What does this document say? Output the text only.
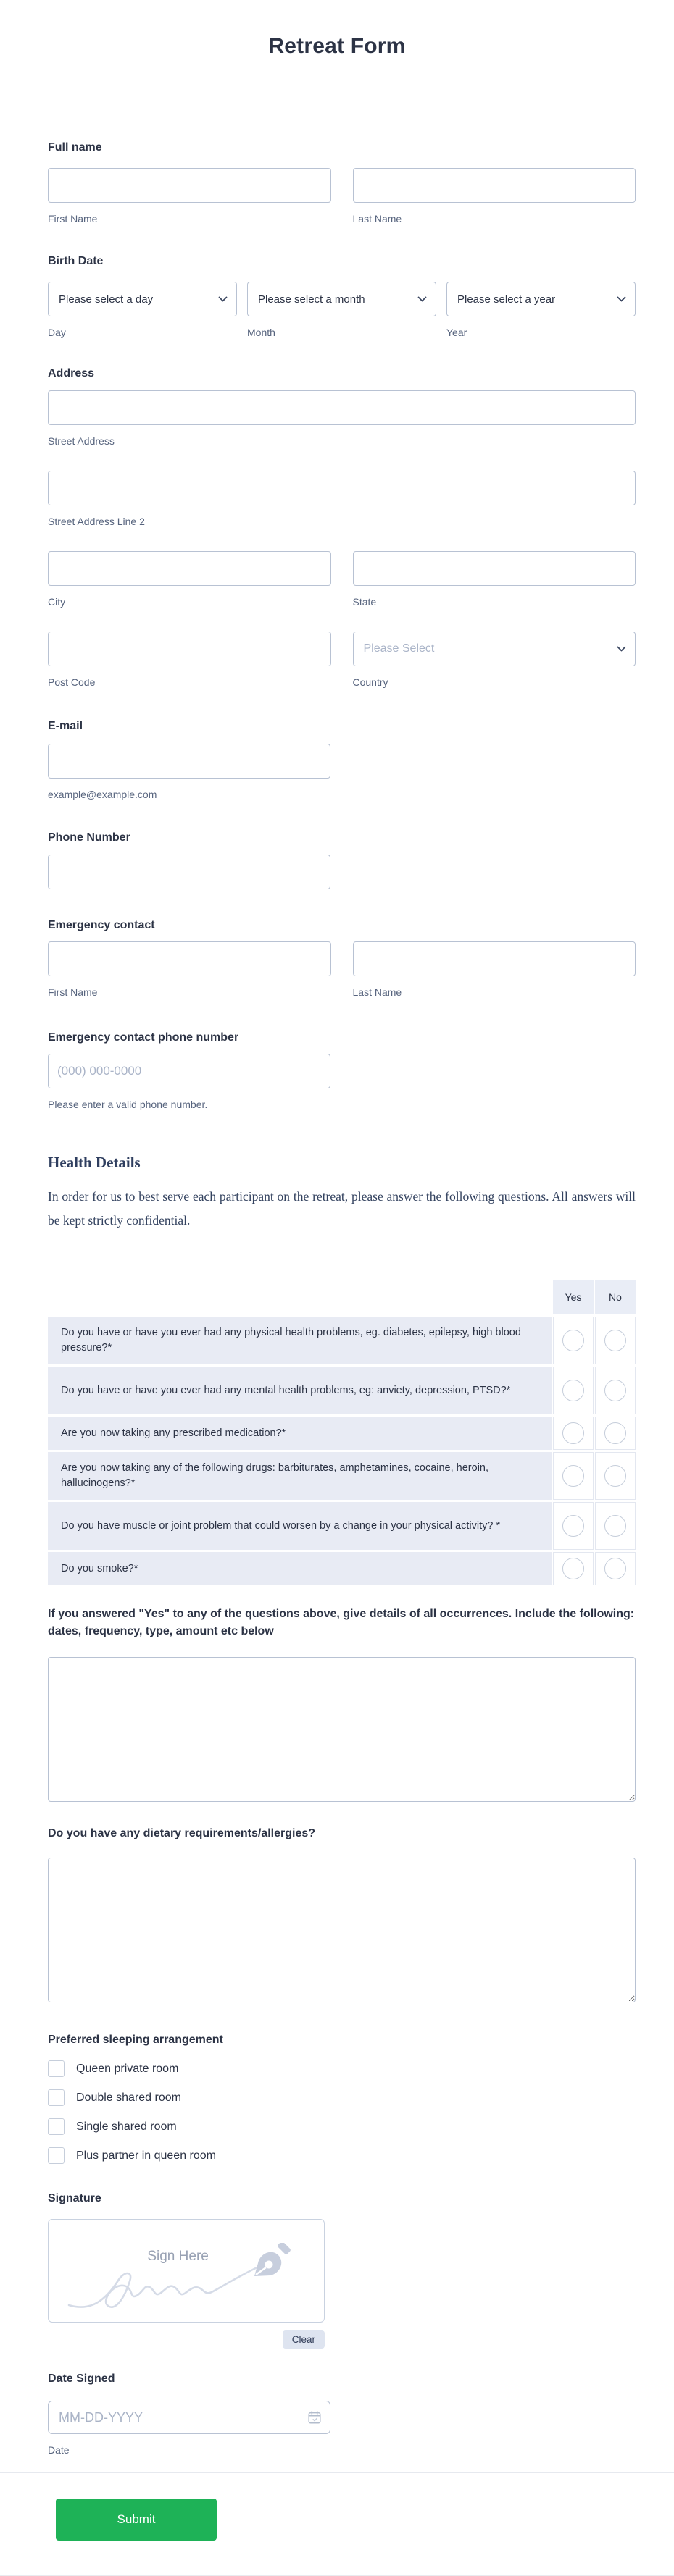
Retreat Form
Full name
First Name	Last Name
Birth Date
Please select a day	Please select a month	Please select a year
Day	Month	Year
Address
Street Address
Street Address Line 2
City	State
Please Select
Post Code	Country
E-mail
example@example.com
Phone Number
Emergency contact
First Name	Last Name
Emergency contact phone number
(000) 000-0000
Please enter a valid phone number.
Health Details

In order for us to best serve each participant on the retreat, please answer the following questions. All answers will be kept strictly confidential.

Yes	No
Do you have or have you ever had any physical health problems, eg. diabetes, epilepsy, high blood pressure?*
Do you have or have you ever had any mental health problems, eg: anviety, depression, PTSD?*
Are you now taking any prescribed medication?*
Are you now taking any of the following drugs: barbiturates, amphetamines, cocaine, heroin, hallucinogens?*
Do you have muscle or joint problem that could worsen by a change in your physical activity? *
Do you smoke?*
If you answered "Yes" to any of the questions above, give details of all occurrences. Include the following: dates, frequency, type, amount etc below
Do you have any dietary requirements/allergies?
Preferred sleeping arrangement
Queen private room
Double shared room
Single shared room
Plus partner in queen room
Signature
Sign Here
Clear
Date Signed
MM-DD-YYYY
Date
Submit
